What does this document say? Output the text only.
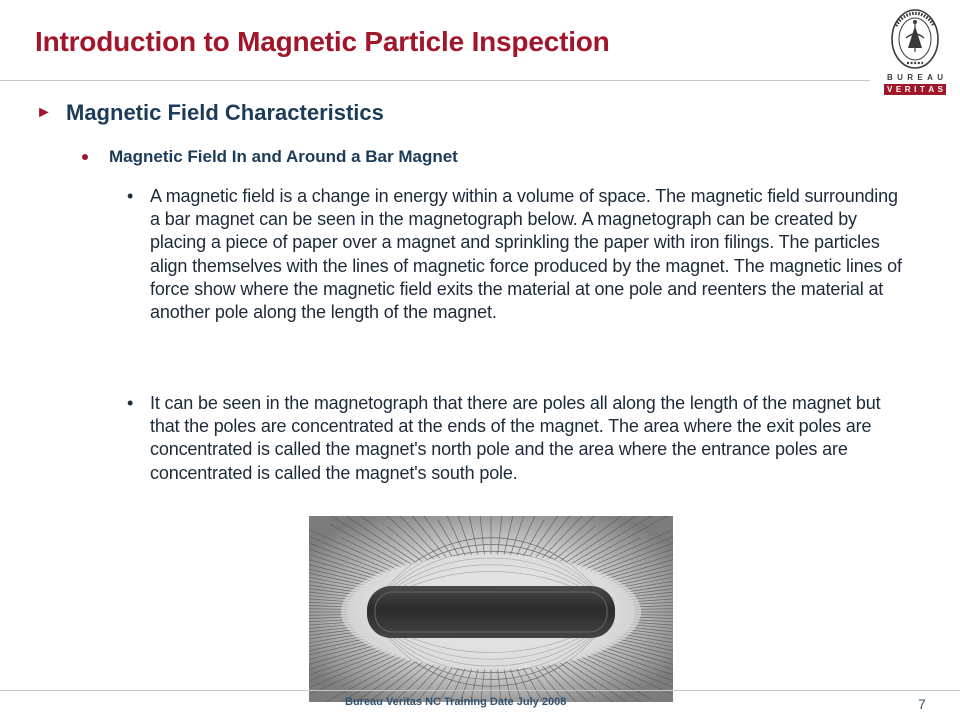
Introduction to Magnetic Particle Inspection
B U R E A U
V E R I T A S
► Magnetic Field Characteristics
Magnetic Field In and Around a Bar Magnet
• A magnetic field is a change in energy within a volume of space. The magnetic field surrounding a bar magnet can be seen in the magnetograph below. A magnetograph can be created by placing a piece of paper over a magnet and sprinkling the paper with iron filings. The particles align themselves with the lines of magnetic force produced by the magnet. The magnetic lines of force show where the magnetic field exits the material at one pole and reenters the material at another pole along the length of the magnet.
• It can be seen in the magnetograph that there are poles all along the length of the magnet but that the poles are concentrated at the ends of the magnet. The area where the exit poles are concentrated is called the magnet's north pole and the area where the entrance poles are concentrated is called the magnet's south pole.
Bureau Veritas NC Training Date July 2008	7
